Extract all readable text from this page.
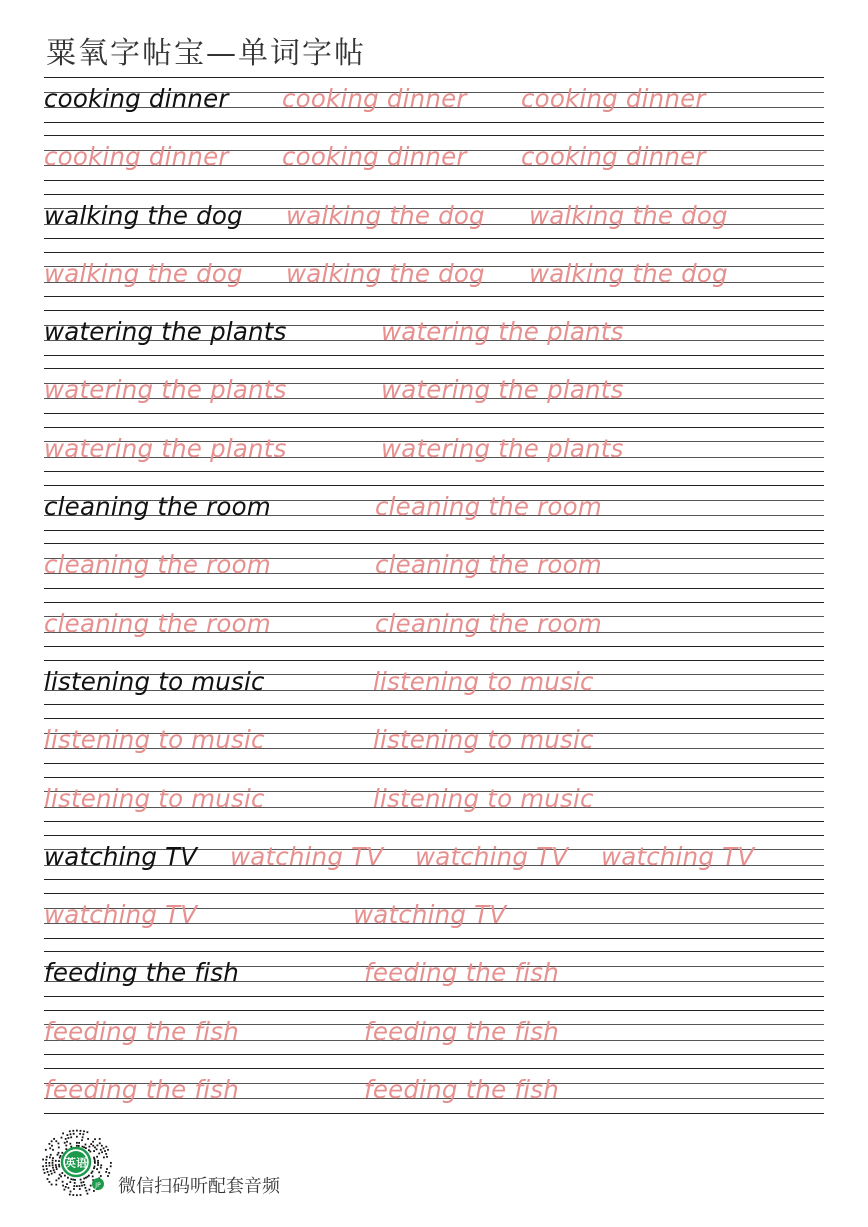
粟氧字帖宝—单词字帖
cooking dinner cooking dinner cooking dinner
cooking dinner cooking dinner cooking dinner
walking the dog walking the dog walking the dog
walking the dog walking the dog walking the dog
watering the plants	watering the plants
watering the plants	watering the plants
watering the plants	watering the plants
cleaning the room	cleaning the room
cleaning the room	cleaning the room
cleaning the room	cleaning the room
listening to music	listening to music
listening to music	listening to music
listening to music	listening to music
watching TV watching TV watching TV watching TV
watching TV	watching TV
feeding the fish	feeding the fish
feeding the fish	feeding the fish
feeding the fish	feeding the fish
英语
JP 微信扫码听配套音频
